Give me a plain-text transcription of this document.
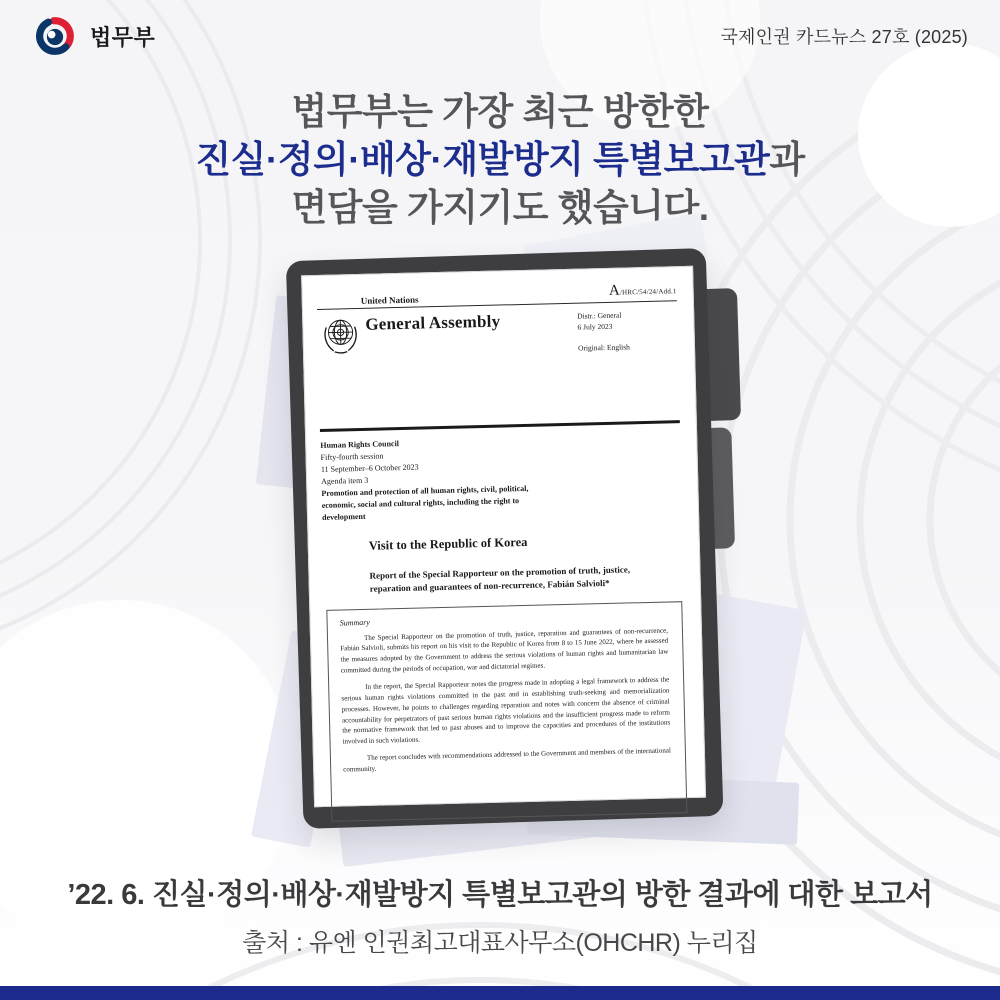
법무부	국제인권 카드뉴스 27호 (2025)
법무부는 가장 최근 방한한
진실·정의·배상·재발방지 특별보고관과
면담을 가지기도 했습니다.
United Nations
A/HRC/54/24/Add.1
General Assembly	Distr.: General
6 July 2023
Original: English
Human Rights Council
Fifty-fourth session
11 September–6 October 2023
Agenda item 3
Promotion and protection of all human rights, civil, political, economic, social and cultural rights, including the right to development
Visit to the Republic of Korea
Report of the Special Rapporteur on the promotion of truth, justice, reparation and guarantees of non-recurrence, Fabián Salvioli*
Summary

The Special Rapporteur on the promotion of truth, justice, reparation and guarantees of non-recurrence, Fabián Salvioli, submits his report on his visit to the Republic of Korea from 8 to 15 June 2022, where he assessed the measures adopted by the Government to address the serious violations of human rights and humanitarian law committed during the periods of occupation, war and dictatorial regimes.

In the report, the Special Rapporteur notes the progress made in adopting a legal framework to address the serious human rights violations committed in the past and in establishing truth-seeking and memorialization processes. However, he points to challenges regarding reparation and notes with concern the absence of criminal accountability for perpetrators of past serious human rights violations and the insufficient progress made to reform the normative framework that led to past abuses and to improve the capacities and procedures of the institutions involved in such violations.

The report concludes with recommendations addressed to the Government and members of the international community.

’22. 6. 진실·정의·배상·재발방지 특별보고관의 방한 결과에 대한 보고서
출처 : 유엔 인권최고대표사무소(OHCHR) 누리집
